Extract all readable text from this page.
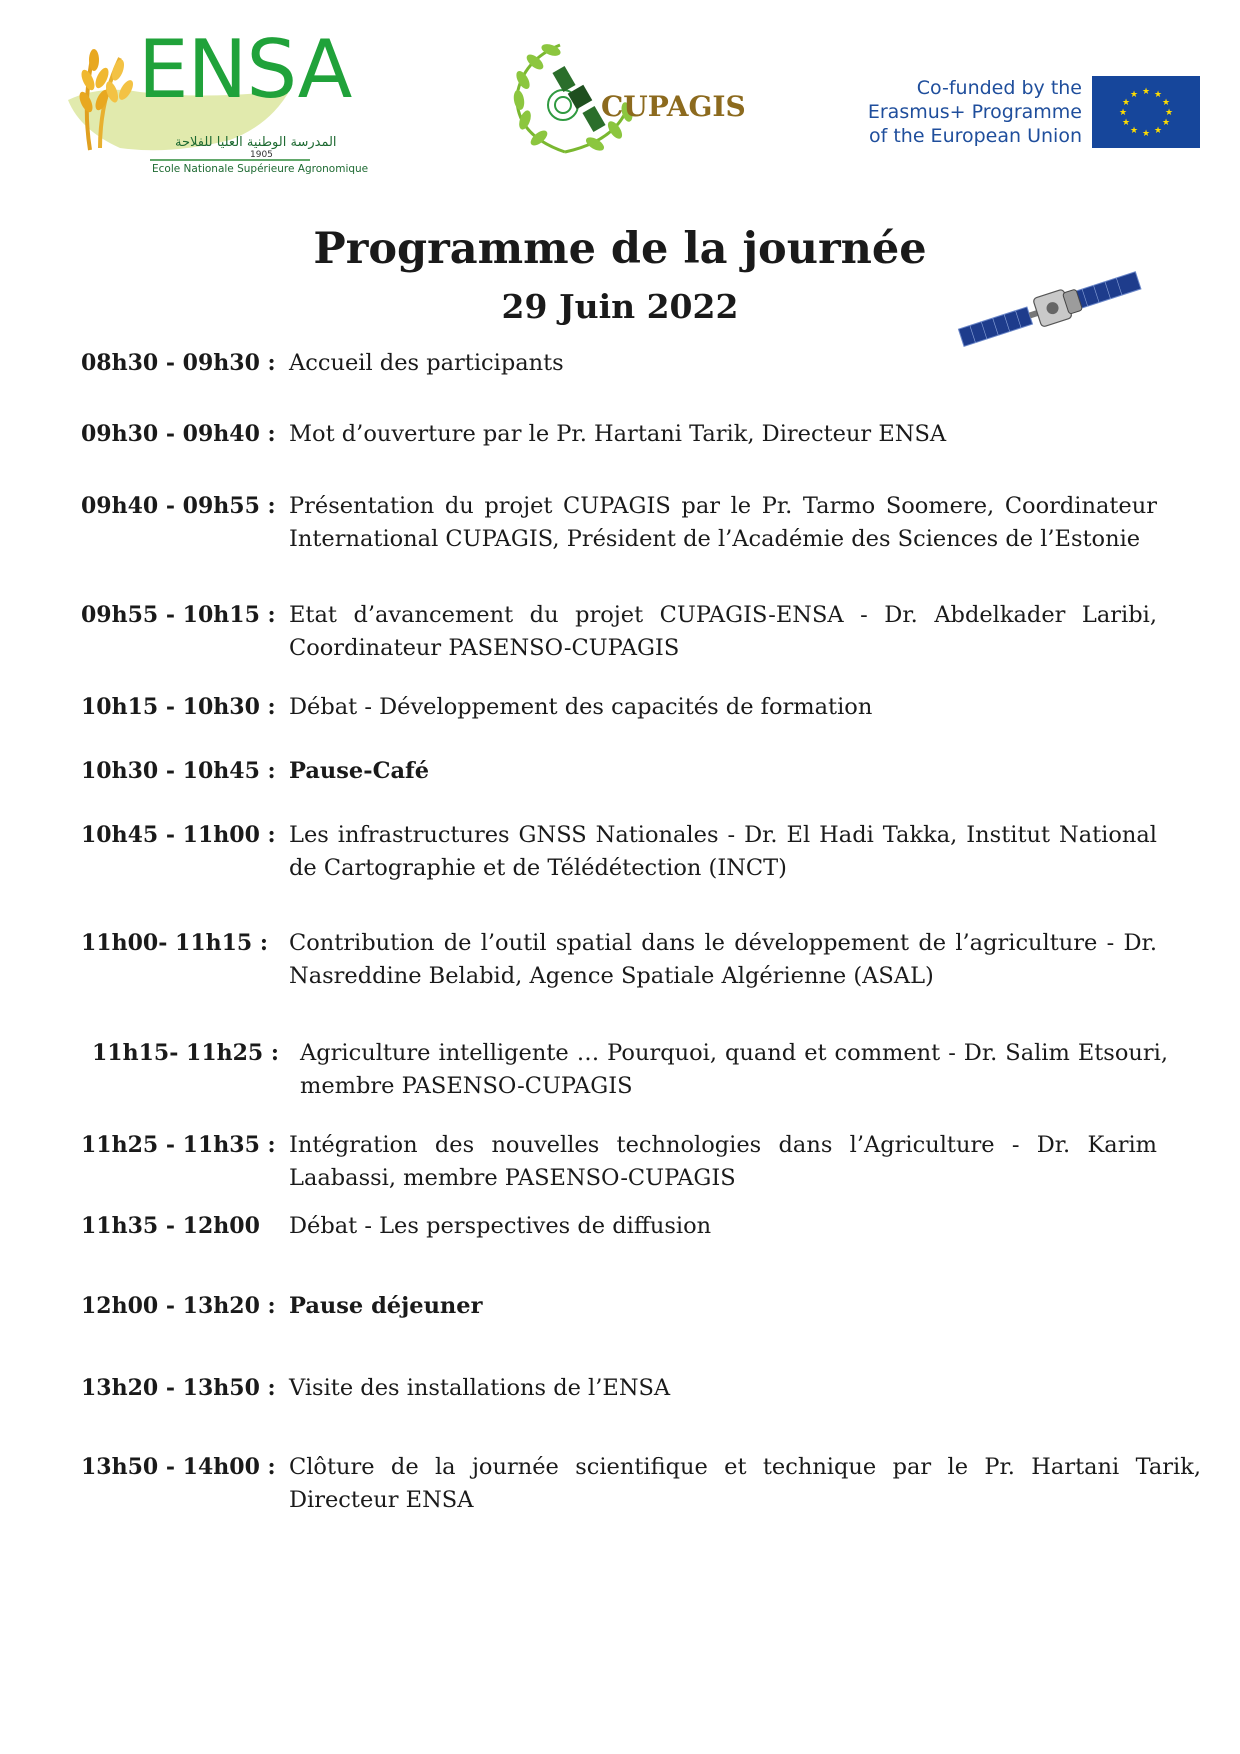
ENSA
المدرسة الوطنية العليا للفلاحة
1905
Ecole Nationale Supérieure Agronomique
CUPAGIS
Co-funded by the
Erasmus+ Programme
of the European Union
★ ★
★
★
★
★
★
★
★
★
★
★
Programme de la journée
29 Juin 2022
08h30 - 09h30 : Accueil des participants
09h30 - 09h40 : Mot d’ouverture par le Pr. Hartani Tarik, Directeur ENSA
09h40 - 09h55 : Présentation du projet CUPAGIS par le Pr. Tarmo Soomere, Coordinateur International CUPAGIS, Président de l’Académie des Sciences de l’Estonie
09h55 - 10h15 : Etat d’avancement du projet CUPAGIS-ENSA - Dr. Abdelkader Laribi, Coordinateur PASENSO-CUPAGIS
10h15 - 10h30 : Débat - Développement des capacités de formation
10h30 - 10h45 : Pause-Café
10h45 - 11h00 : Les infrastructures GNSS Nationales - Dr. El Hadi Takka, Institut National de Cartographie et de Télédétection (INCT)
11h00- 11h15 : Contribution de l’outil spatial dans le développement de l’agriculture - Dr. Nasreddine Belabid, Agence Spatiale Algérienne (ASAL)
11h15- 11h25 : Agriculture intelligente … Pourquoi, quand et comment - Dr. Salim Etsouri, membre PASENSO-CUPAGIS
11h25 - 11h35 : Intégration des nouvelles technologies dans l’Agriculture - Dr. Karim Laabassi, membre PASENSO-CUPAGIS
11h35 - 12h00 Débat - Les perspectives de diffusion
12h00 - 13h20 : Pause déjeuner
13h20 - 13h50 : Visite des installations de l’ENSA
13h50 - 14h00 : Clôture de la journée scientifique et technique par le Pr. Hartani Tarik, Directeur ENSA
